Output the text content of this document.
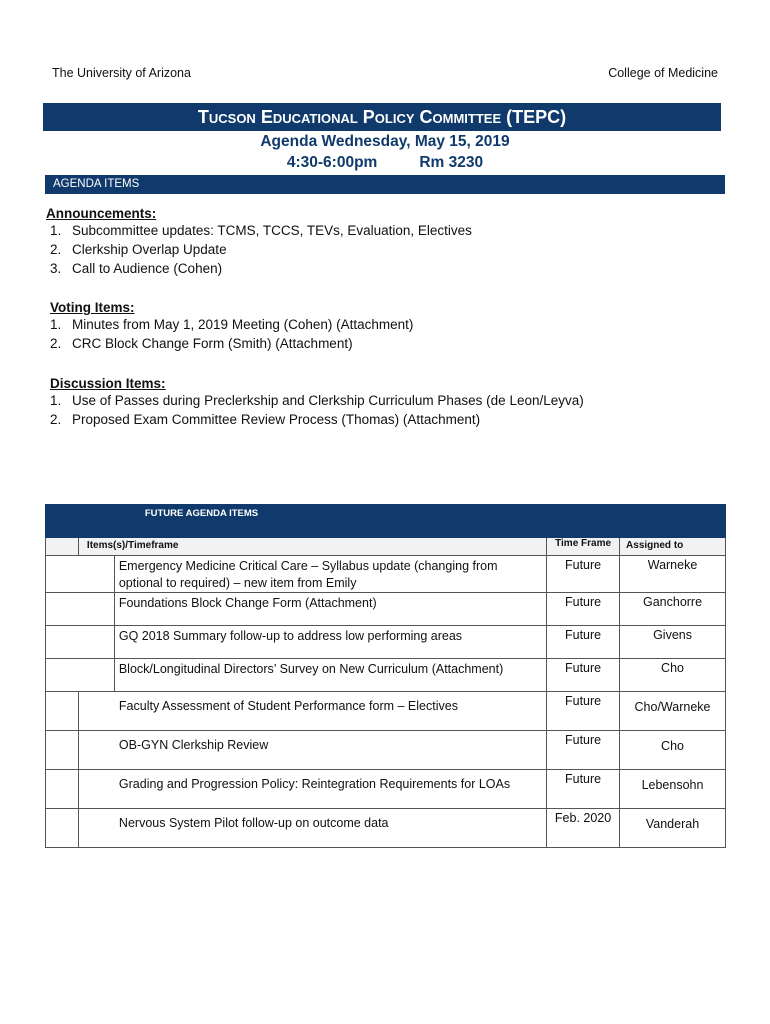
The University of Arizona	College of Medicine
Tucson Educational Policy Committee (TEPC)
Agenda Wednesday, May 15, 2019
4:30-6:00pm	Rm 3230
AGENDA ITEMS
Announcements:
1. Subcommittee updates: TCMS, TCCS, TEVs, Evaluation, Electives
2. Clerkship Overlap Update
3. Call to Audience (Cohen)
Voting Items:
1. Minutes from May 1, 2019 Meeting (Cohen) (Attachment)
2. CRC Block Change Form (Smith) (Attachment)
Discussion Items:
1. Use of Passes during Preclerkship and Clerkship Curriculum Phases (de Leon/Leyva)
2. Proposed Exam Committee Review Process (Thomas) (Attachment)
		FUTURE AGENDA ITEMS		
	Items(s)/Timeframe		Time Frame	Assigned to
		Emergency Medicine Critical Care – Syllabus update (changing from optional to required) – new item from Emily	Future	Warneke
		Foundations Block Change Form (Attachment)	Future	Ganchorre
		GQ 2018 Summary follow-up to address low performing areas	Future	Givens
		Block/Longitudinal Directors’ Survey on New Curriculum (Attachment)	Future	Cho
	Faculty Assessment of Student Performance form – Electives		Future	Cho/Warneke
	OB-GYN Clerkship Review		Future	Cho
	Grading and Progression Policy: Reintegration Requirements for LOAs		Future	Lebensohn
	Nervous System Pilot follow-up on outcome data		Feb. 2020	Vanderah
